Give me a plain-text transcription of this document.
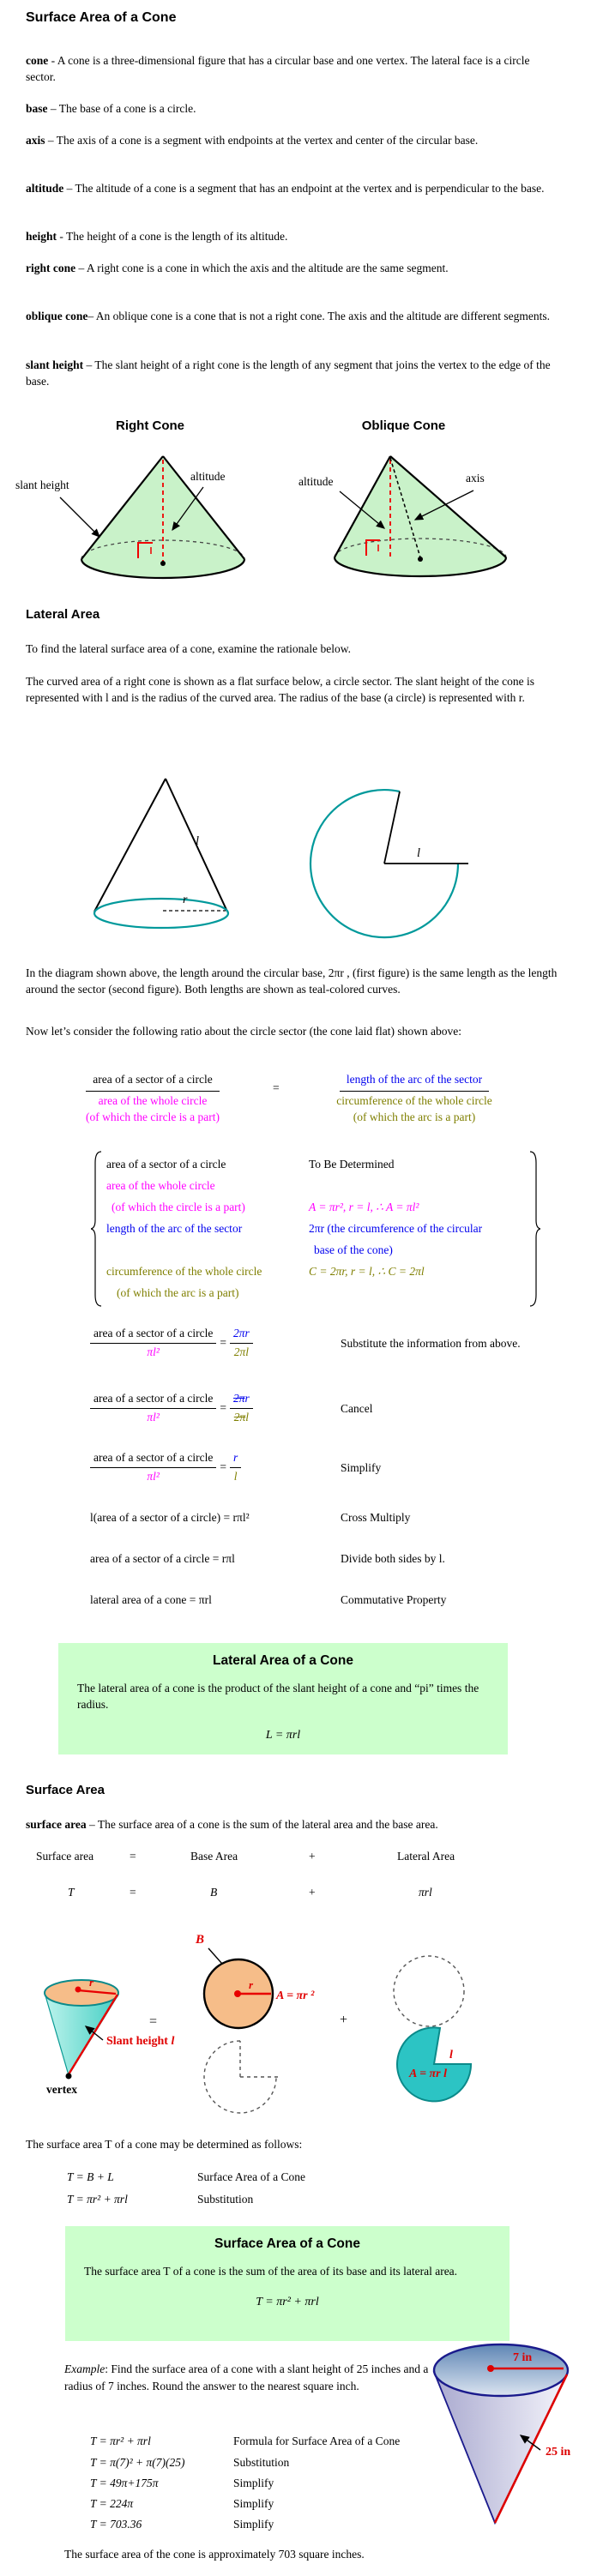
Surface Area of a Cone
cone - A cone is a three-dimensional figure that has a circular base and one vertex. The lateral face is a circle sector.
base – The base of a cone is a circle.
axis – The axis of a cone is a segment with endpoints at the vertex and center of the circular base.
altitude – The altitude of a cone is a segment that has an endpoint at the vertex and is perpendicular to the base.
height - The height of a cone is the length of its altitude.
right cone – A right cone is a cone in which the axis and the altitude are the same segment.
oblique cone– An oblique cone is a cone that is not a right cone. The axis and the altitude are different segments.
slant height – The slant height of a right cone is the length of any segment that joins the vertex to the edge of the base.
Right Cone	Oblique Cone
slant height
altitude	altitude	axis
Lateral Area
To find the lateral surface area of a cone, examine the rationale below.
The curved area of a right cone is shown as a flat surface below, a circle sector. The slant height of the cone is represented with l and is the radius of the curved area. The radius of the base (a circle) is represented with r.
l
r
l
In the diagram shown above, the length around the circular base, 2πr , (first figure) is the same length as the length around the sector (second figure). Both lengths are shown as teal-colored curves.
Now let’s consider the following ratio about the circle sector (the cone laid flat) shown above:
area of a sector of a circle
area of the whole circle
(of which the circle is a part)
=
length of the arc of the sector
circumference of the whole circle
(of which the arc is a part)
area of a sector of a circle	To Be Determined
area of the whole circle
(of which the circle is a part)	A = πr², r = l, ∴ A = πl²
length of the arc of the sector	2πr (the circumference of the circular
base of the cone)
circumference of the whole circle	C = 2πr, r = l, ∴ C = 2πl
(of which the arc is a part)
$\frac{\text{area of a sector of a circle}}{\text{πl²}} = \frac{2\pi r}{2\pi l}$	Substitute the information from above.
$\frac{\text{area of a sector of a circle}}{\text{πl²}} = \frac{2\pi r}{2\pi l}$	Cancel
$\frac{\text{area of a sector of a circle}}{\text{πl²}} = \frac{r}{l}$	Simplify
l(area of a sector of a circle) = rπl²	Cross Multiply
area of a sector of a circle = rπl	Divide both sides by l.
lateral area of a cone = πrl	Commutative Property
Lateral Area of a Cone
The lateral area of a cone is the product of the slant height of a cone and “pi” times the radius.
L = πrl
Surface Area
surface area – The surface area of a cone is the sum of the lateral area and the base area.
Surface area	=	Base Area	+	Lateral Area
T	=	B	+	πrl
r
vertex
Slant height l
=
B
r
A = πr ²
+
l
A = πr l
The surface area T of a cone may be determined as follows:
T = B + L	Surface Area of a Cone
T = πr² + πrl	Substitution
Surface Area of a Cone
The surface area T of a cone is the sum of the area of its base and its lateral area.
T = πr² + πrl
Example: Find the surface area of a cone with a slant height of 25 inches and a radius of 7 inches. Round the answer to the nearest square inch.
7 in
25 in
T = πr² + πrl	Formula for Surface Area of a Cone
T = π(7)² + π(7)(25)	Substitution
T = 49π+175π	Simplify
T = 224π	Simplify
T = 703.36	Simplify
The surface area of the cone is approximately 703 square inches.
